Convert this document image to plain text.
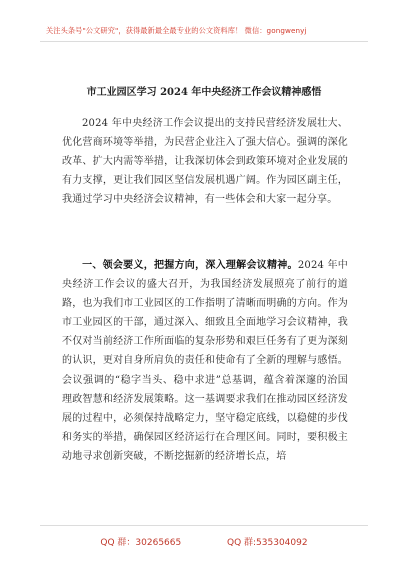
关注头条号"公文研究"，获得最新最全最专业的公文资料库！ 微信：gongwenyj
市工业园区学习 2024 年中央经济工作会议精神感悟

2024 年中央经济工作会议提出的支持民营经济发展壮大、优化营商环境等举措，为民营企业注入了强大信心。强调的深化改革、扩大内需等举措，让我深切体会到政策环境对企业发展的有力支撑，更让我们园区坚信发展机遇广阔。作为园区副主任，我通过学习中央经济会议精神，有一些体会和大家一起分享。

一、领会要义，把握方向，深入理解会议精神。2024 年中央经济工作会议的盛大召开，为我国经济发展照亮了前行的道路，也为我们市工业园区的工作指明了清晰而明确的方向。作为市工业园区的干部，通过深入、细致且全面地学习会议精神，我不仅对当前经济工作所面临的复杂形势和艰巨任务有了更为深刻的认识，更对自身所肩负的责任和使命有了全新的理解与感悟。会议强调的“稳字当头、稳中求进”总基调，蕴含着深邃的治国理政智慧和经济发展策略。这一基调要求我们在推动园区经济发展的过程中，必须保持战略定力，坚守稳定底线，以稳健的步伐和务实的举措，确保园区经济运行在合理区间。同时，要积极主动地寻求创新突破，不断挖掘新的经济增长点，培

QQ 群：30265665	QQ 群:535304092
